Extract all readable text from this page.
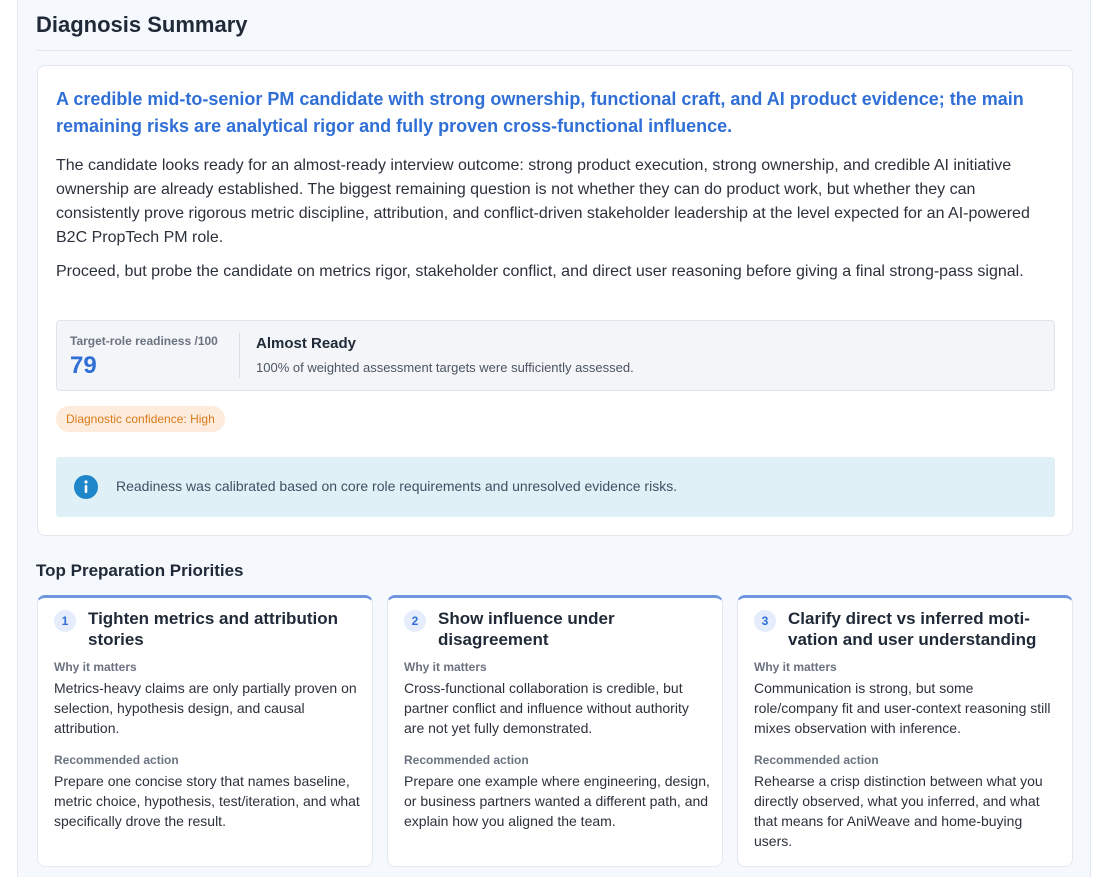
Diagnosis Summary
A credible mid-to-senior PM candidate with strong ownership, functional craft, and AI product evidence; the main remaining risks are analytical rigor and fully proven cross-functional influence.

The candidate looks ready for an almost-ready interview outcome: strong product execution, strong ownership, and credible AI initiative ownership are already established. The biggest remaining question is not whether they can do product work, but whether they can consistently prove rigorous metric discipline, attribution, and conflict-driven stakeholder leadership at the level expected for an AI-powered B2C PropTech PM role.

Proceed, but probe the candidate on metrics rigor, stakeholder conflict, and direct user reasoning before giving a final strong-pass signal.

Target-role readiness /100
79
Almost Ready
100% of weighted assessment targets were sufficiently assessed.
Diagnostic confidence: High
Readiness was calibrated based on core role requirements and unresolved evidence risks.
Top Preparation Priorities
1	Tighten metrics and attribution stories
Why it matters
Metrics-heavy claims are only partially proven on selection, hypothesis design, and causal attribution.
Recommended action
Prepare one concise story that names baseline, metric choice, hypothesis, test/iteration, and what specifically drove the result.
2	Show influence under disagreement
Why it matters
Cross-functional collaboration is credible, but partner conflict and influence without authority are not yet fully demonstrated.
Recommended action
Prepare one example where engineering, design, or business partners wanted a different path, and explain how you aligned the team.
3	Clarify direct vs inferred motivation and user understanding
Why it matters
Communication is strong, but some role/company fit and user-context reasoning still mixes observation with inference.
Recommended action
Rehearse a crisp distinction between what you directly observed, what you inferred, and what that means for AniWeave and home-buying users.
